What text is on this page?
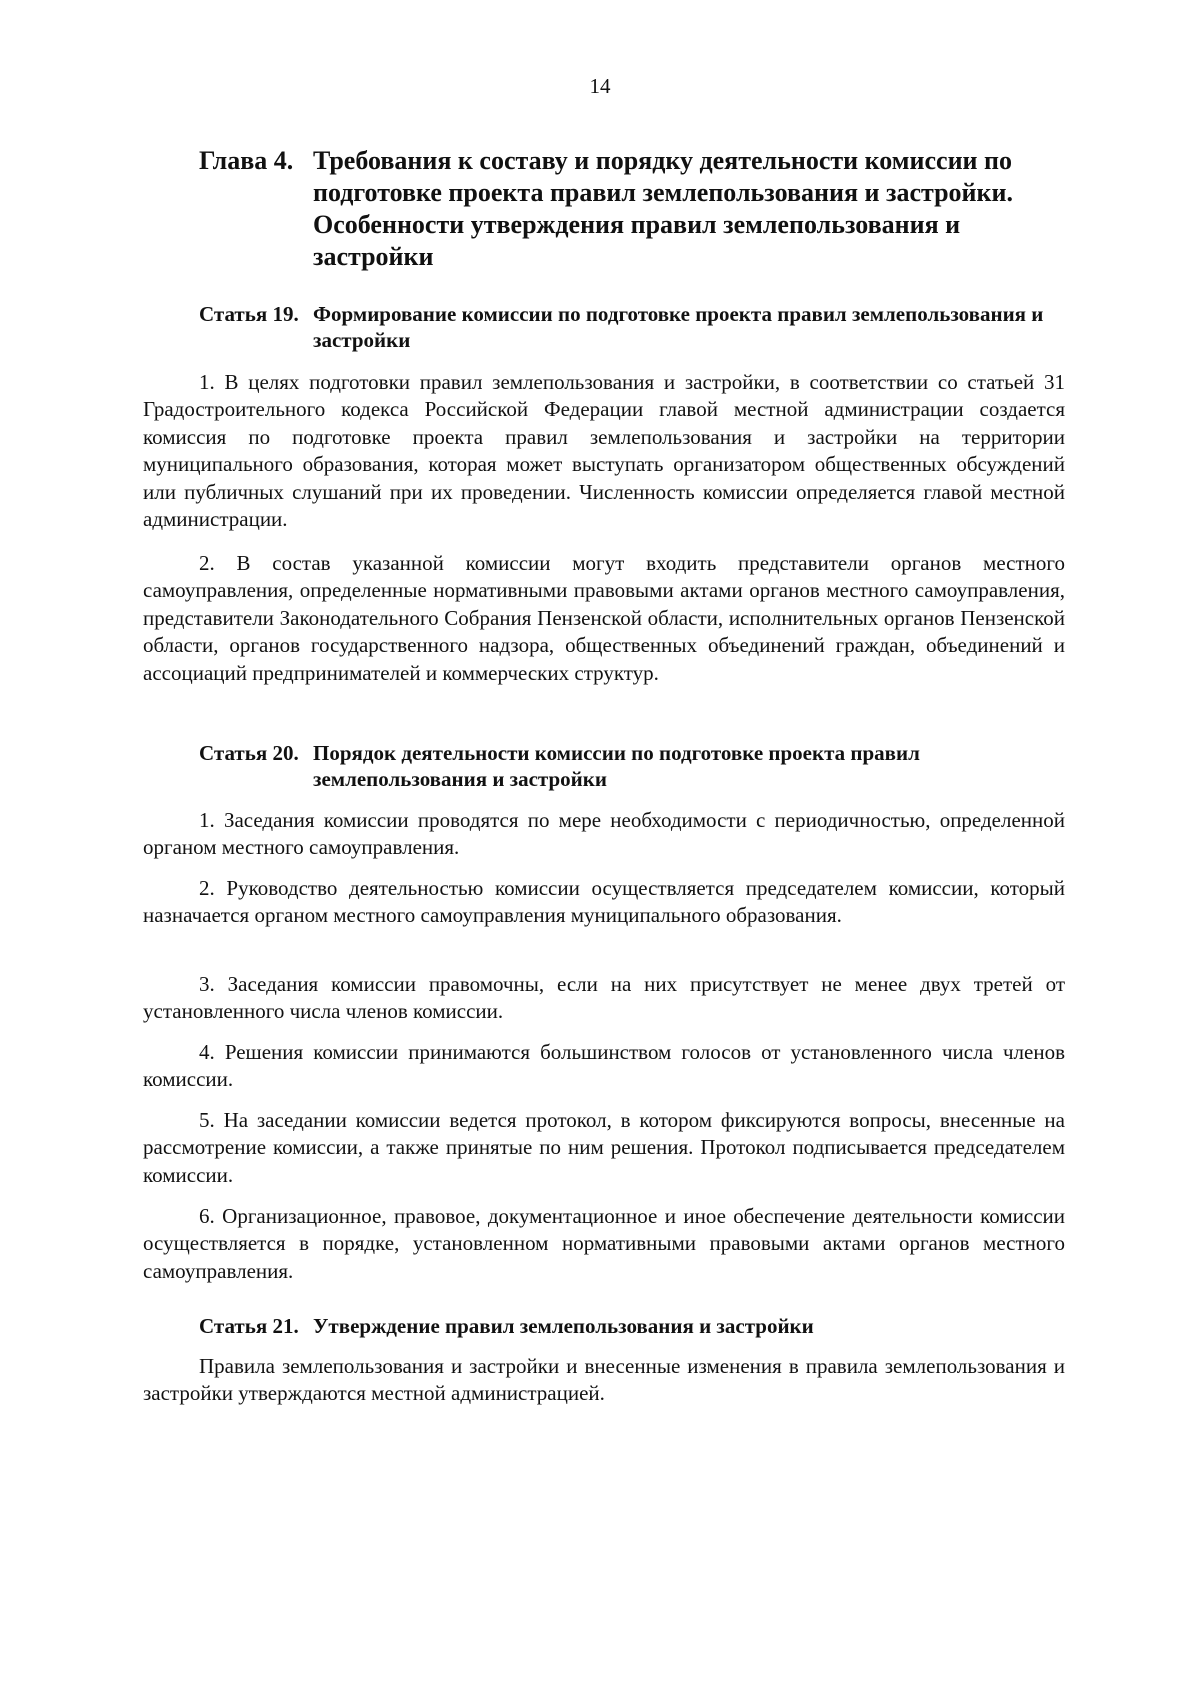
14
Глава 4. Требования к составу и порядку деятельности комиссии по подготовке проекта правил землепользования и застройки. Особенности утверждения правил землепользования и застройки
Статья 19. Формирование комиссии по подготовке проекта правил землепользования и застройки

1. В целях подготовки правил землепользования и застройки, в соответствии со статьей 31 Градостроительного кодекса Российской Федерации главой местной администрации создается комиссия по подготовке проекта правил землепользования и застройки на территории муниципального образования, которая может выступать организатором общественных обсуждений или публичных слушаний при их проведении. Численность комиссии определяется главой местной администрации.

2. В состав указанной комиссии могут входить представители органов местного самоуправления, определенные нормативными правовыми актами органов местного самоуправления, представители Законодательного Собрания Пензенской области, исполнительных органов Пензенской области, органов государственного надзора, общественных объединений граждан, объединений и ассоциаций предпринимателей и коммерческих структур.

Статья 20. Порядок деятельности комиссии по подготовке проекта правил землепользования и застройки

1. Заседания комиссии проводятся по мере необходимости с периодичностью, определенной органом местного самоуправления.

2. Руководство деятельностью комиссии осуществляется председателем комиссии, который назначается органом местного самоуправления муниципального образования.

3. Заседания комиссии правомочны, если на них присутствует не менее двух третей от установленного числа членов комиссии.

4. Решения комиссии принимаются большинством голосов от установленного числа членов комиссии.

5. На заседании комиссии ведется протокол, в котором фиксируются вопросы, внесенные на рассмотрение комиссии, а также принятые по ним решения. Протокол подписывается председателем комиссии.

6. Организационное, правовое, документационное и иное обеспечение деятельности комиссии осуществляется в порядке, установленном нормативными правовыми актами органов местного самоуправления.

Статья 21. Утверждение правил землепользования и застройки

Правила землепользования и застройки и внесенные изменения в правила землепользования и застройки утверждаются местной администрацией.
